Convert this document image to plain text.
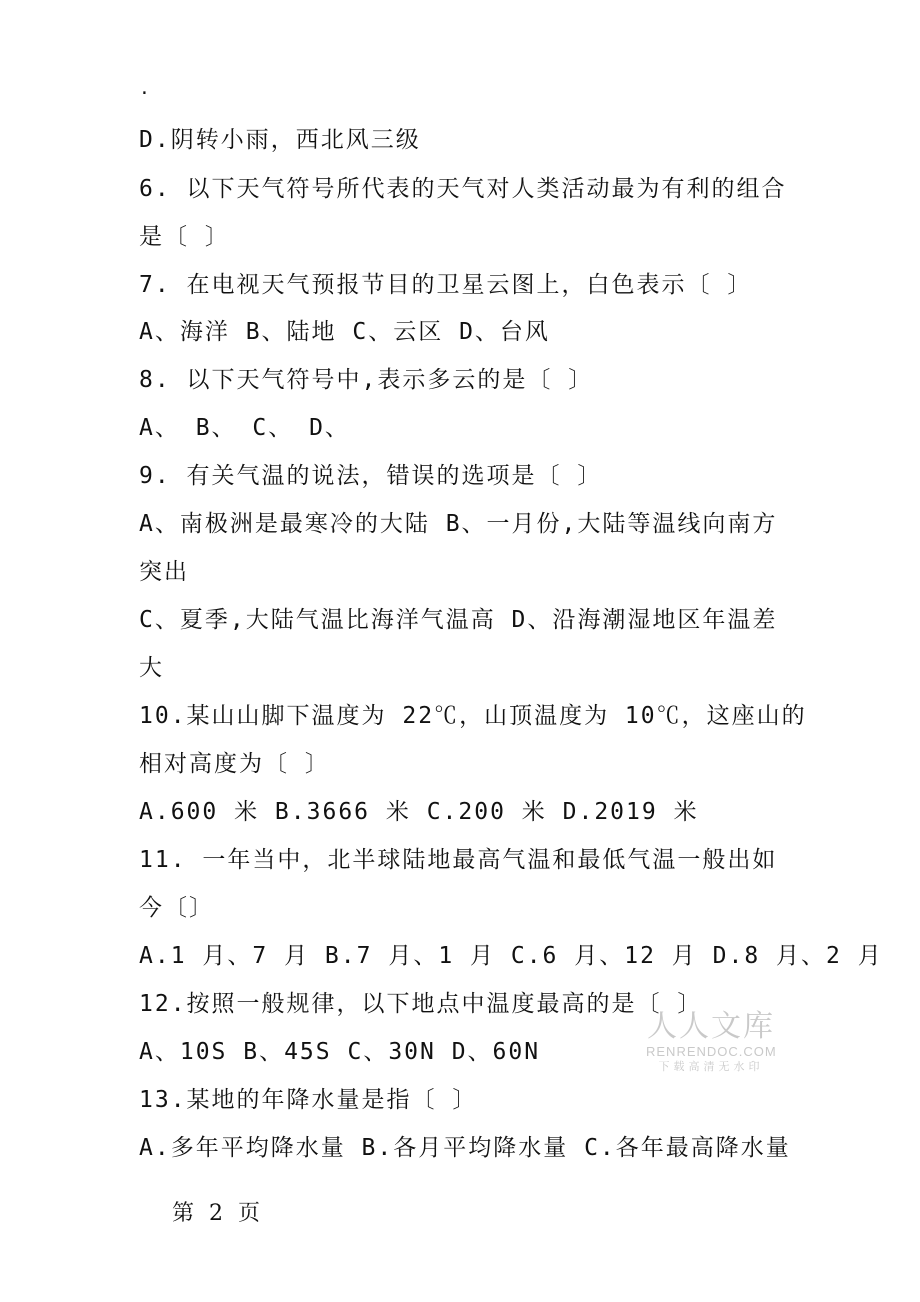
.
D.阴转小雨，西北风三级
6. 以下天气符号所代表的天气对人类活动最为有利的组合
是〔 〕
7. 在电视天气预报节目的卫星云图上，白色表示〔 〕
A、海洋 B、陆地 C、云区 D、台风
8. 以下天气符号中,表示多云的是〔 〕
A、 B、 C、 D、
9. 有关气温的说法，错误的选项是〔 〕
A、南极洲是最寒冷的大陆 B、一月份,大陆等温线向南方
突出
C、夏季,大陆气温比海洋气温高 D、沿海潮湿地区年温差
大
10.某山山脚下温度为 22℃，山顶温度为 10℃，这座山的
相对高度为〔 〕
A.600 米 B.3666 米 C.200 米 D.2019 米
11. 一年当中，北半球陆地最高气温和最低气温一般出如
今〔〕
A.1 月、7 月 B.7 月、1 月 C.6 月、12 月 D.8 月、2 月
12.按照一般规律，以下地点中温度最高的是〔 〕
A、10S B、45S C、30N D、60N
13.某地的年降水量是指〔 〕
A.多年平均降水量 B.各月平均降水量 C.各年最高降水量
第 2 页
人人文库
RENRENDOC.COM
下载高清无水印
